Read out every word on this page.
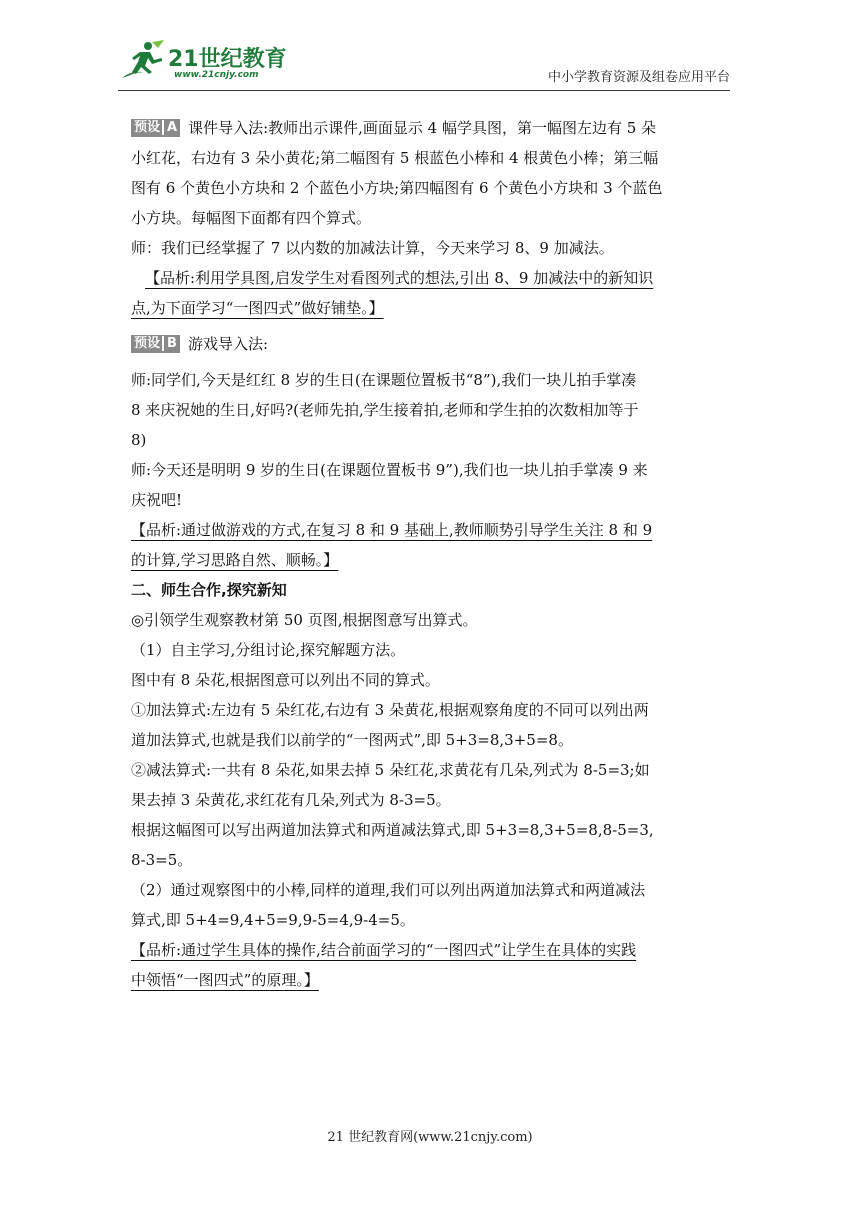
21世纪教育
www.21cnjy.com	中小学教育资源及组卷应用平台

预设 A 课件导入法:教师出示课件,画面显示 4 幅学具图，第一幅图左边有 5 朵
小红花，右边有 3 朵小黄花;第二幅图有 5 根蓝色小棒和 4 根黄色小棒；第三幅
图有 6 个黄色小方块和 2 个蓝色小方块;第四幅图有 6 个黄色小方块和 3 个蓝色
小方块。每幅图下面都有四个算式。

师：我们已经掌握了 7 以内数的加减法计算，今天来学习 8、9 加减法。

【品析:利用学具图,启发学生对看图列式的想法,引出 8、9 加减法中的新知识
点,为下面学习“一图四式”做好铺垫。】

预设 B 游戏导入法:

师:同学们,今天是红红 8 岁的生日(在课题位置板书“8”),我们一块儿拍手掌凑
8 来庆祝她的生日,好吗?(老师先拍,学生接着拍,老师和学生拍的次数相加等于
8)

师:今天还是明明 9 岁的生日(在课题位置板书 9”),我们也一块儿拍手掌凑 9 来
庆祝吧!

【品析:通过做游戏的方式,在复习 8 和 9 基础上,教师顺势引导学生关注 8 和 9
的计算,学习思路自然、顺畅。】

二、师生合作,探究新知

◎引领学生观察教材第 50 页图,根据图意写出算式。

（1）自主学习,分组讨论,探究解题方法。

图中有 8 朵花,根据图意可以列出不同的算式。

①加法算式:左边有 5 朵红花,右边有 3 朵黄花,根据观察角度的不同可以列出两
道加法算式,也就是我们以前学的“一图两式”,即 5+3=8,3+5=8。

②减法算式:一共有 8 朵花,如果去掉 5 朵红花,求黄花有几朵,列式为 8-5=3;如
果去掉 3 朵黄花,求红花有几朵,列式为 8-3=5。

根据这幅图可以写出两道加法算式和两道减法算式,即 5+3=8,3+5=8,8-5=3,
8-3=5。

（2）通过观察图中的小棒,同样的道理,我们可以列出两道加法算式和两道减法
算式,即 5+4=9,4+5=9,9-5=4,9-4=5。

【品析:通过学生具体的操作,结合前面学习的“一图四式”让学生在具体的实践
中领悟“一图四式”的原理。】

21 世纪教育网(www.21cnjy.com)
